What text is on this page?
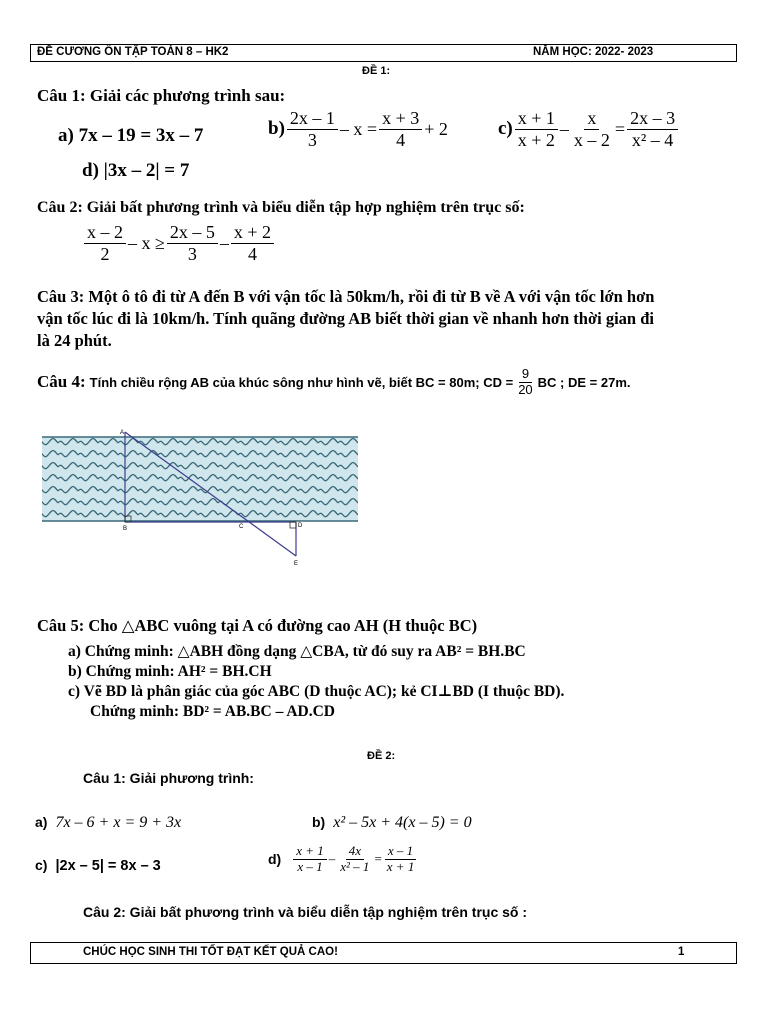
ĐỀ CƯƠNG ÔN TẬP TOÁN 8 – HK2	NĂM HỌC: 2022- 2023
ĐỀ 1:
Câu 1: Giải các phương trình sau:
a) 7x – 19 = 3x – 7	$b) \frac{2x - 1}{3} - x = \frac{x + 3}{4} + 2$	$c) \frac{x + 1}{x + 2} - \frac{x}{x - 2} = \frac{2x - 3}{\text{x² – 4}}$
d) |3x – 2| = 7
Câu 2: Giải bất phương trình và biểu diễn tập hợp nghiệm trên trục số:
$\frac{x - 2}{2} - x \ge \frac{2x - 5}{3} - \frac{x + 2}{4}$
Câu 3: Một ô tô đi từ A đến B với vận tốc là 50km/h, rồi đi từ B về A với vận tốc lớn hơn
vận tốc lúc đi là 10km/h. Tính quãng đường AB biết thời gian về nhanh hơn thời gian đi
là 24 phút.
Câu 4: Tính chiều rộng AB của khúc sông như hình vẽ, biết BC = 80m; CD = $\frac{9}{20}$ BC ; DE = 27m.
A
B	C	D
E
Câu 5: Cho △ABC vuông tại A có đường cao AH (H thuộc BC)
a) Chứng minh: △ABH đồng dạng △CBA, từ đó suy ra AB² = BH.BC
b) Chứng minh: AH² = BH.CH
c) Vẽ BD là phân giác của góc ABC (D thuộc AC); kẻ CI⊥BD (I thuộc BD).
Chứng minh: BD² = AB.BC – AD.CD
ĐỀ 2:
Câu 1: Giải phương trình:
a) 7x – 6 + x = 9 + 3x	b) x² – 5x + 4(x – 5) = 0
c) |2x – 5| = 8x – 3	$d) \frac{x + 1}{x - 1} - \frac{4x}{\text{x² – 1}} = \frac{x - 1}{x + 1}$
Câu 2: Giải bất phương trình và biểu diễn tập nghiệm trên trục số :
CHÚC HỌC SINH THI TỐT ĐẠT KẾT QUẢ CAO!	1
